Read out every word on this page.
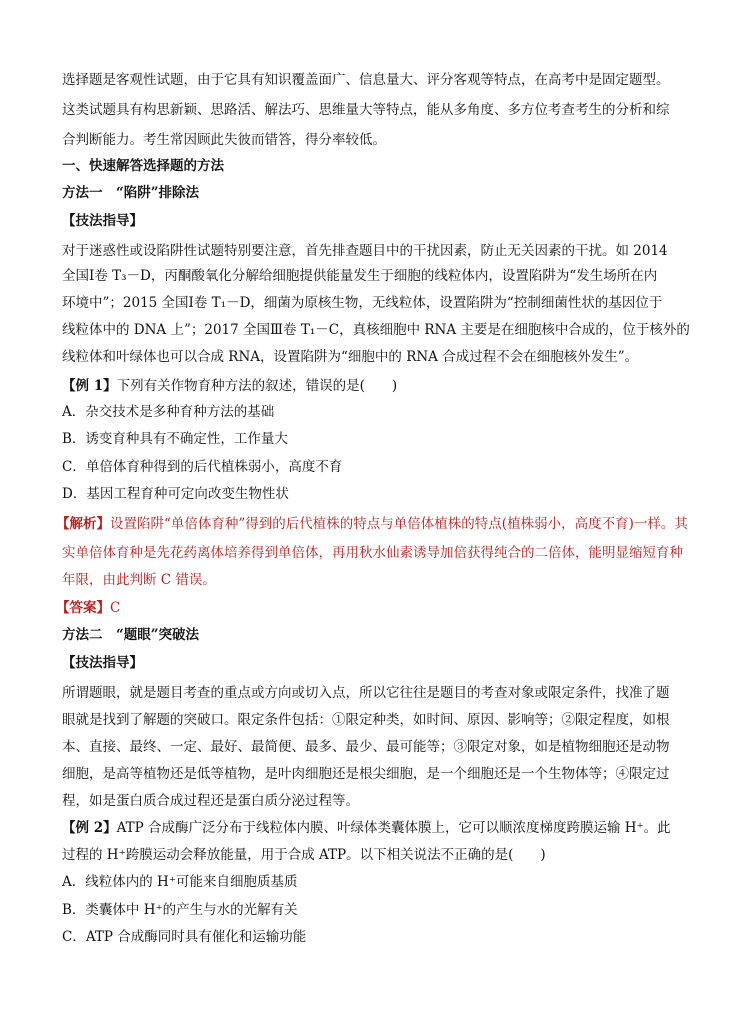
选择题是客观性试题，由于它具有知识覆盖面广、信息量大、评分客观等特点，在高考中是固定题型。
这类试题具有构思新颖、思路活、解法巧、思维量大等特点，能从多角度、多方位考查考生的分析和综
合判断能力。考生常因顾此失彼而错答，得分率较低。
一、快速解答选择题的方法
方法一　“陷阱”排除法
【技法指导】
对于迷惑性或设陷阱性试题特别要注意，首先排查题目中的干扰因素，防止无关因素的干扰。如 2014
全国Ⅰ卷 T₃－D，丙酮酸氧化分解给细胞提供能量发生于细胞的线粒体内，设置陷阱为“发生场所在内
环境中”；2015 全国Ⅰ卷 T₁－D，细菌为原核生物，无线粒体，设置陷阱为“控制细菌性状的基因位于
线粒体中的 DNA 上”；2017 全国Ⅲ卷 T₁－C，真核细胞中 RNA 主要是在细胞核中合成的，位于核外的
线粒体和叶绿体也可以合成 RNA，设置陷阱为“细胞中的 RNA 合成过程不会在细胞核外发生”。
【例 1】下列有关作物育种方法的叙述，错误的是(　　)
A．杂交技术是多种育种方法的基础
B．诱变育种具有不确定性，工作量大
C．单倍体育种得到的后代植株弱小，高度不育
D．基因工程育种可定向改变生物性状
【解析】设置陷阱“单倍体育种”得到的后代植株的特点与单倍体植株的特点(植株弱小，高度不育)一样。其
实单倍体育种是先花药离体培养得到单倍体，再用秋水仙素诱导加倍获得纯合的二倍体，能明显缩短育种
年限，由此判断 C 错误。
【答案】C
方法二　“题眼”突破法
【技法指导】
所谓题眼，就是题目考查的重点或方向或切入点，所以它往往是题目的考查对象或限定条件，找准了题
眼就是找到了解题的突破口。限定条件包括：①限定种类，如时间、原因、影响等；②限定程度，如根
本、直接、最终、一定、最好、最简便、最多、最少、最可能等；③限定对象，如是植物细胞还是动物
细胞，是高等植物还是低等植物，是叶肉细胞还是根尖细胞，是一个细胞还是一个生物体等；④限定过
程，如是蛋白质合成过程还是蛋白质分泌过程等。
【例 2】ATP 合成酶广泛分布于线粒体内膜、叶绿体类囊体膜上，它可以顺浓度梯度跨膜运输 H⁺。此
过程的 H⁺跨膜运动会释放能量，用于合成 ATP。以下相关说法不正确的是(　　)
A．线粒体内的 H⁺可能来自细胞质基质
B．类囊体中 H⁺的产生与水的光解有关
C．ATP 合成酶同时具有催化和运输功能
